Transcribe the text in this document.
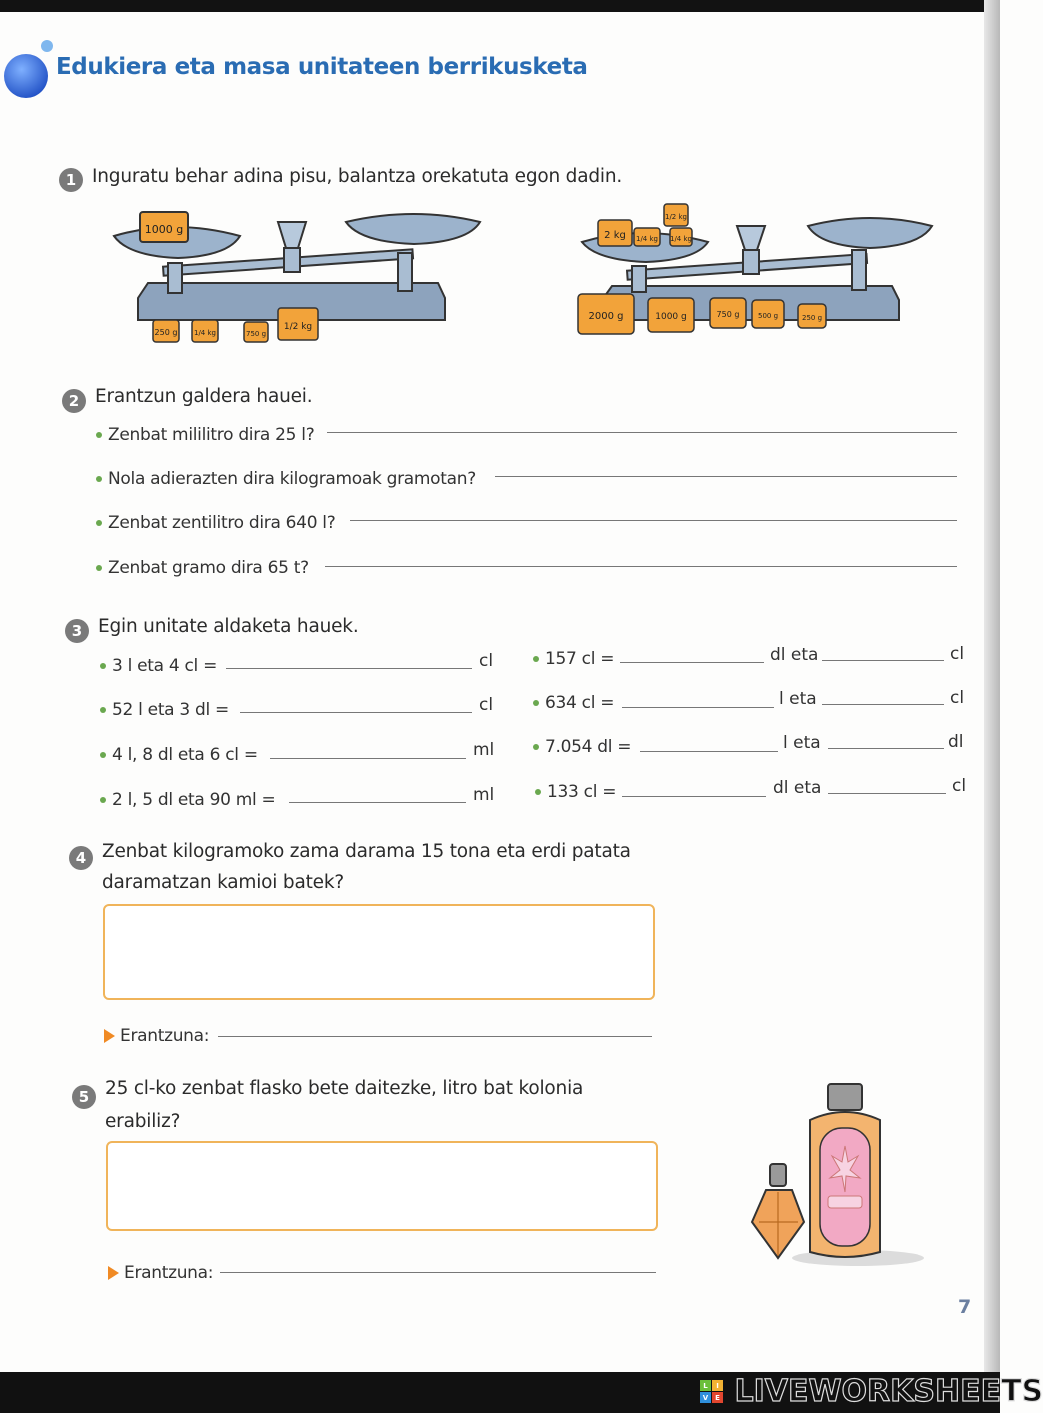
Edukiera eta masa unitateen berrikusketa
1 Inguratu behar adina pisu, balantza orekatuta egon dadin.
1000 g
250 g 1/4 kg	750 g
1/2 kg
2 kg 1/4 kg
1/2 kg
1/4 kg
2000 g	1000 g	750 g	500 g	250 g
2 Erantzun galdera hauei.
Zenbat mililitro dira 25 l?
Nola adierazten dira kilogramoak gramotan?
Zenbat zentilitro dira 640 l?
Zenbat gramo dira 65 t?
3 Egin unitate aldaketa hauek.
3 l eta 4 cl =	cl
52 l eta 3 dl =	cl
4 l, 8 dl eta 6 cl =	ml
2 l, 5 dl eta 90 ml =	ml
157 cl =	dl eta	cl
634 cl =	l eta	cl
7.054 dl =	l eta	dl
133 cl =	dl eta	cl
4 Zenbat kilogramoko zama darama 15 tona eta erdi patata
daramatzan kamioi batek?
Erantzuna:
5 25 cl-ko zenbat flasko bete daitezke, litro bat kolonia
erabiliz?
Erantzuna:
7
L I
V E LIVEWORKSHEETS
